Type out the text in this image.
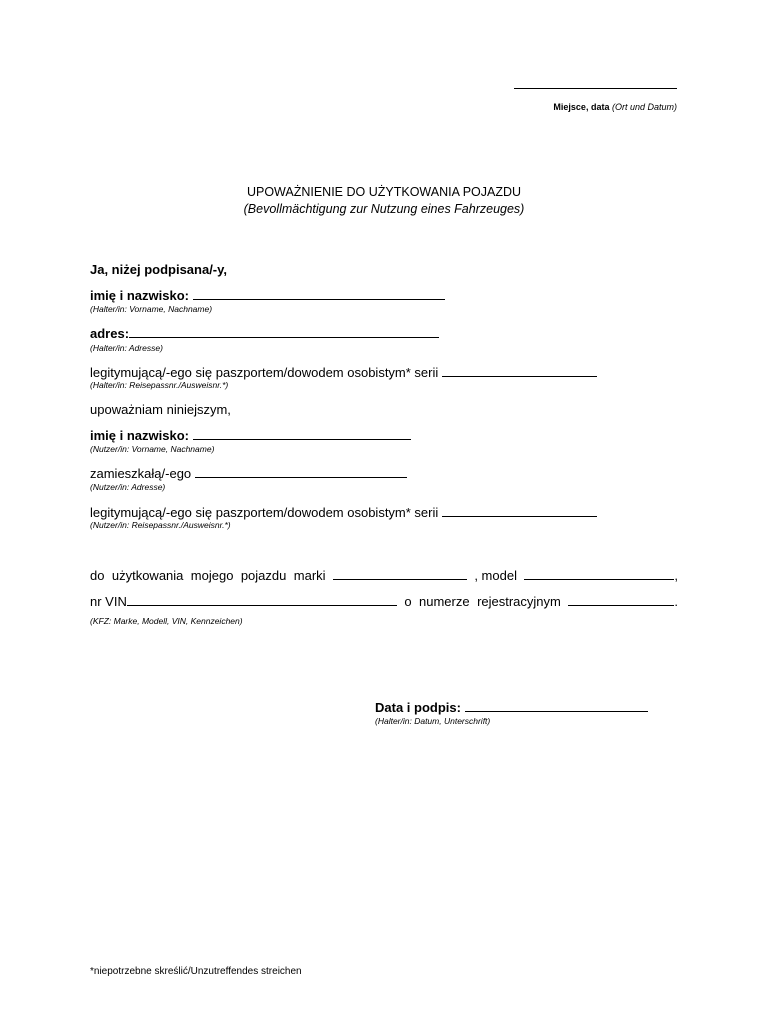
Miejsce, data (Ort und Datum)
UPOWAŻNIENIE DO UŻYTKOWANIA POJAZDU
(Bevollmächtigung zur Nutzung eines Fahrzeuges)
Ja, niżej podpisana/-y,
imię i nazwisko:
(Halter/in: Vorname, Nachname)
adres:
(Halter/in: Adresse)
legitymującą/-ego się paszportem/dowodem osobistym* serii
(Halter/in: Reisepassnr./Ausweisnr.*)
upoważniam niniejszym,
imię i nazwisko:
(Nutzer/in: Vorname, Nachname)
zamieszkałą/-ego
(Nutzer/in: Adresse)
legitymującą/-ego się paszportem/dowodem osobistym* serii
(Nutzer/in: Reisepassnr./Ausweisnr.*)
do użytkowania mojego pojazdu marki	, model	,
nr VIN	o numerze rejestracyjnym	.
(KFZ: Marke, Modell, VIN, Kennzeichen)
Data i podpis:
(Halter/in: Datum, Unterschrift)
*niepotrzebne skreślić/Unzutreffendes streichen
